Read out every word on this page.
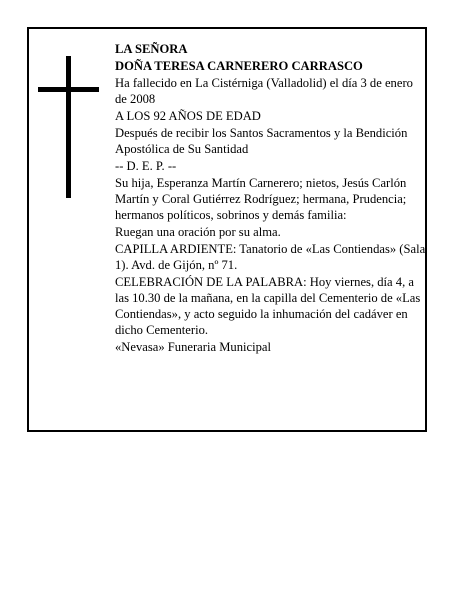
LA SEÑORA

DOÑA TERESA CARNERERO CARRASCO

Ha fallecido en La Cistérniga (Valladolid) el día 3 de enero de 2008

A LOS 92 AÑOS DE EDAD

Después de recibir los Santos Sacramentos y la Bendición Apostólica de Su Santidad

-- D. E. P. --

Su hija, Esperanza Martín Carnerero; nietos, Jesús Carlón Martín y Coral Gutiérrez Rodríguez; hermana, Prudencia; hermanos políticos, sobrinos y demás familia:

Ruegan una oración por su alma.

CAPILLA ARDIENTE: Tanatorio de «Las Contiendas» (Sala 1). Avd. de Gijón, nº 71.

CELEBRACIÓN DE LA PALABRA: Hoy viernes, día 4, a las 10.30 de la mañana, en la capilla del Cementerio de «Las Contiendas», y acto seguido la inhumación del cadáver en dicho Cementerio.

«Nevasa» Funeraria Municipal
